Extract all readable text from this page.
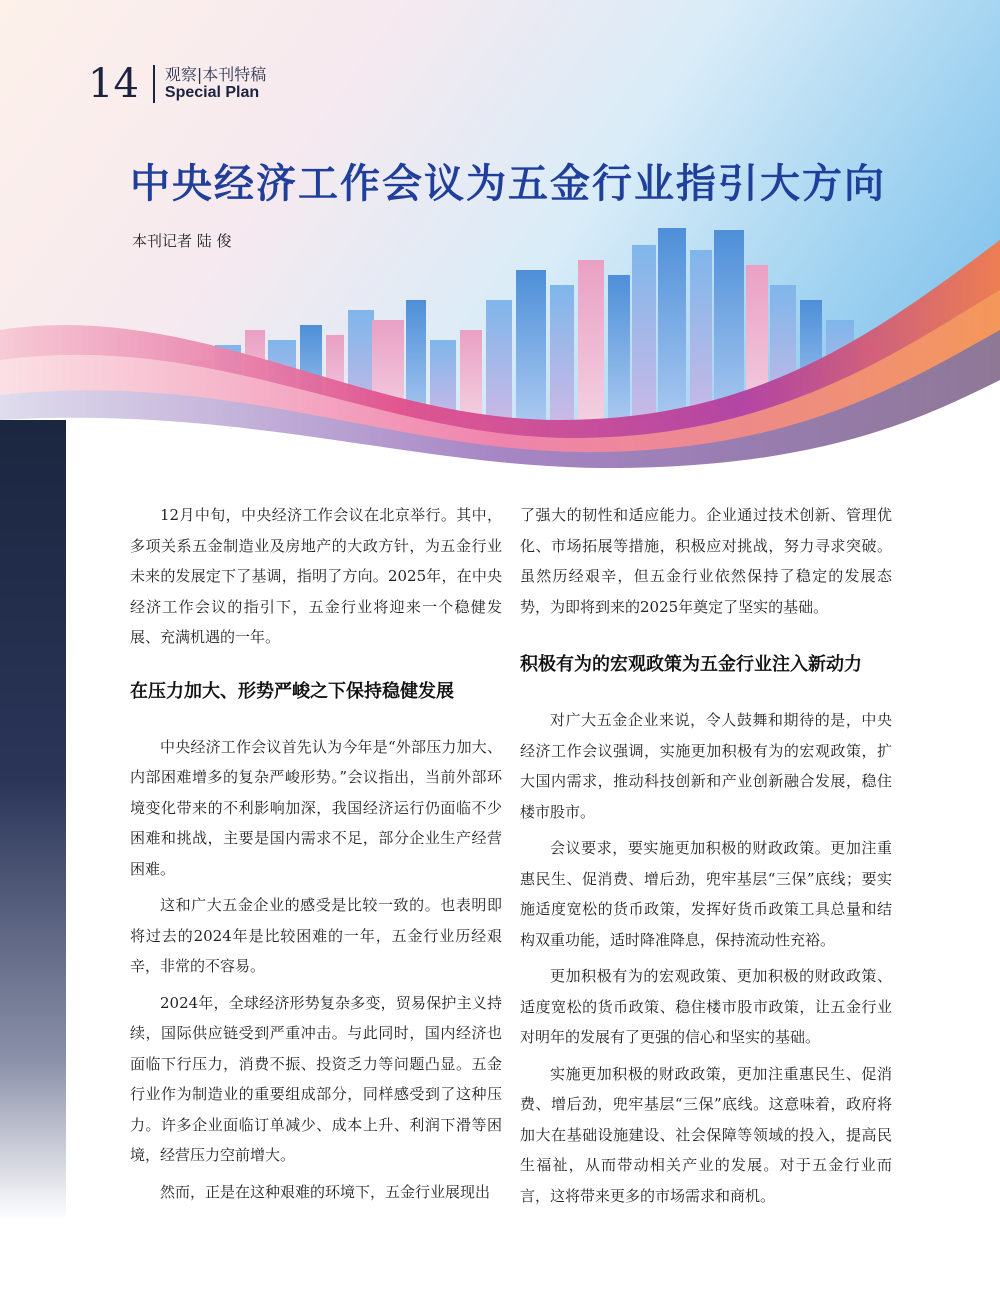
14 观察|本刊特稿
Special Plan
中央经济工作会议为五金行业指引大方向
本刊记者 陆 俊

12月中旬，中央经济工作会议在北京举行。其中，多项关系五金制造业及房地产的大政方针，为五金行业未来的发展定下了基调，指明了方向。2025年，在中央经济工作会议的指引下，五金行业将迎来一个稳健发展、充满机遇的一年。

在压力加大、形势严峻之下保持稳健发展

中央经济工作会议首先认为今年是“外部压力加大、内部困难增多的复杂严峻形势。”会议指出，当前外部环境变化带来的不利影响加深，我国经济运行仍面临不少困难和挑战，主要是国内需求不足，部分企业生产经营困难。

这和广大五金企业的感受是比较一致的。也表明即将过去的2024年是比较困难的一年，五金行业历经艰辛，非常的不容易。

2024年，全球经济形势复杂多变，贸易保护主义持续，国际供应链受到严重冲击。与此同时，国内经济也面临下行压力，消费不振、投资乏力等问题凸显。五金行业作为制造业的重要组成部分，同样感受到了这种压力。许多企业面临订单减少、成本上升、利润下滑等困境，经营压力空前增大。

然而，正是在这种艰难的环境下，五金行业展现出

了强大的韧性和适应能力。企业通过技术创新、管理优化、市场拓展等措施，积极应对挑战，努力寻求突破。虽然历经艰辛，但五金行业依然保持了稳定的发展态势，为即将到来的2025年奠定了坚实的基础。

积极有为的宏观政策为五金行业注入新动力

对广大五金企业来说，令人鼓舞和期待的是，中央经济工作会议强调，实施更加积极有为的宏观政策，扩大国内需求，推动科技创新和产业创新融合发展，稳住楼市股市。

会议要求，要实施更加积极的财政政策。更加注重惠民生、促消费、增后劲，兜牢基层“三保”底线；要实施适度宽松的货币政策，发挥好货币政策工具总量和结构双重功能，适时降准降息，保持流动性充裕。

更加积极有为的宏观政策、更加积极的财政政策、适度宽松的货币政策、稳住楼市股市政策，让五金行业对明年的发展有了更强的信心和坚实的基础。

实施更加积极的财政政策，更加注重惠民生、促消费、增后劲，兜牢基层“三保”底线。这意味着，政府将加大在基础设施建设、社会保障等领域的投入，提高民生福祉，从而带动相关产业的发展。对于五金行业而言，这将带来更多的市场需求和商机。
